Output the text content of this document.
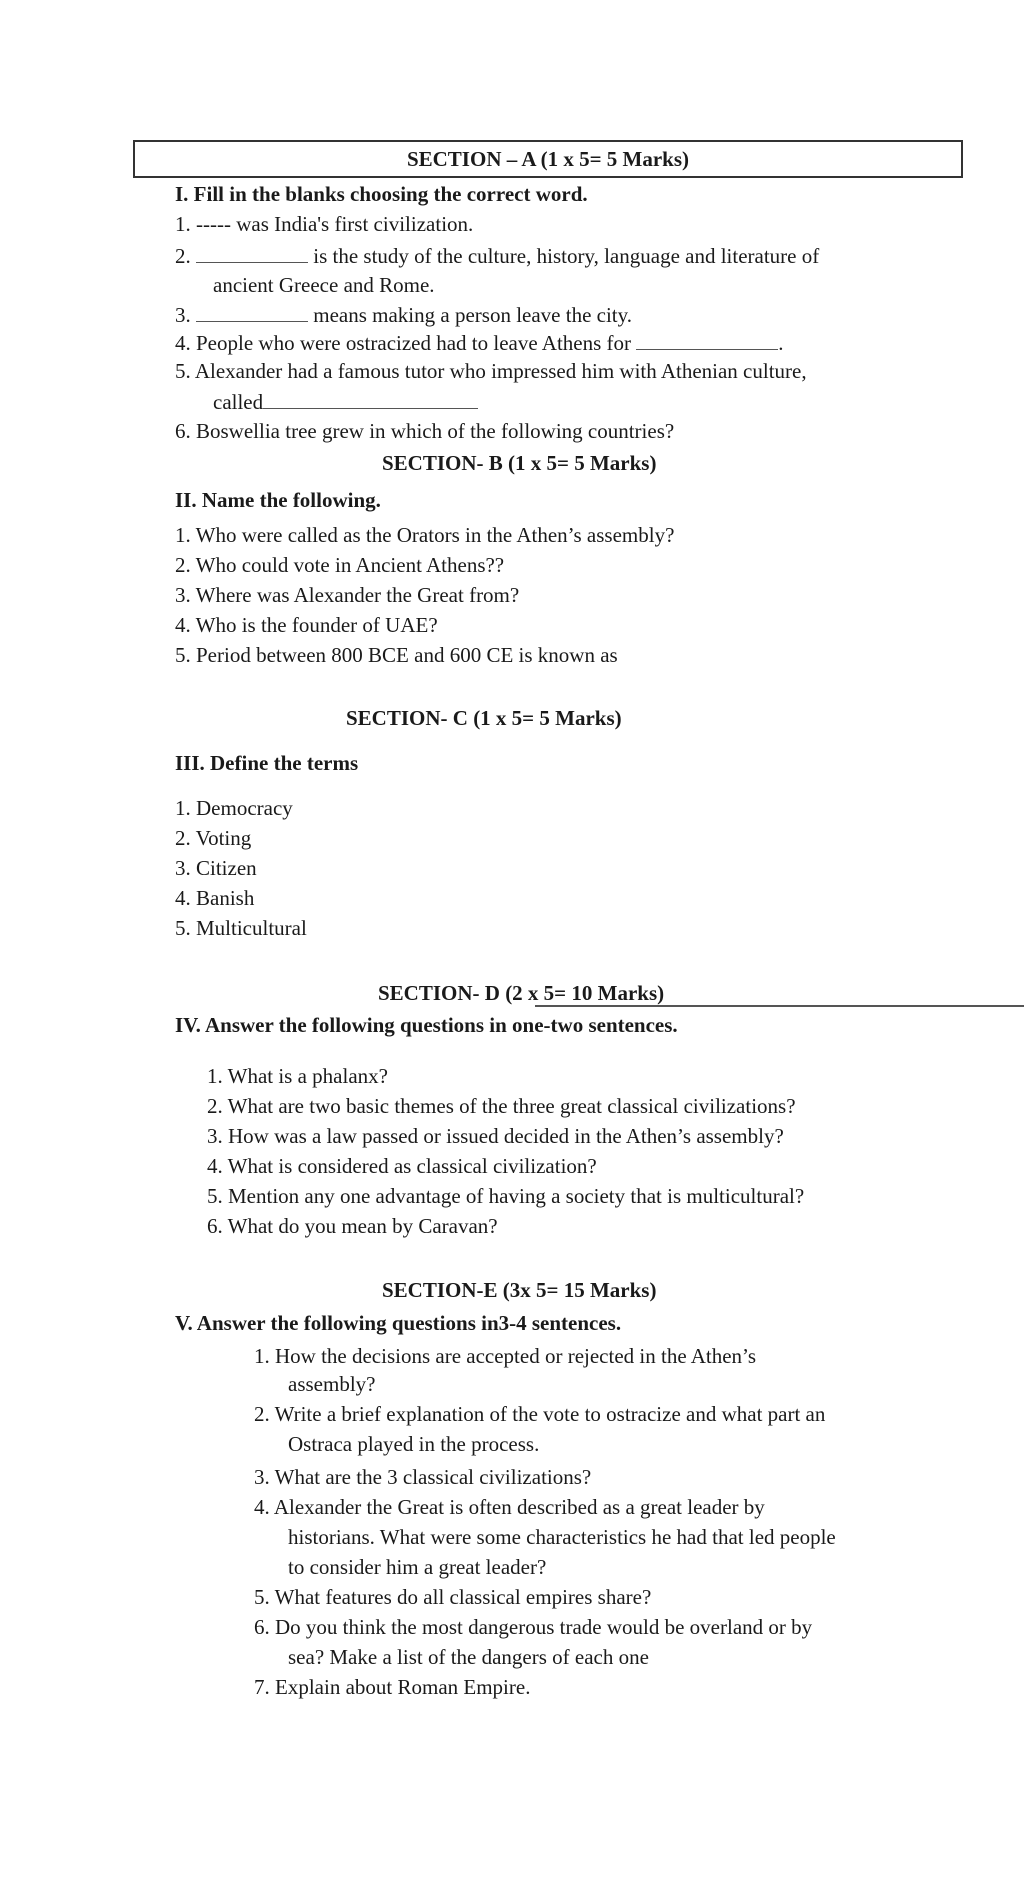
SECTION – A (1 x 5= 5 Marks)
I. Fill in the blanks choosing the correct word.
1. ----- was India's first civilization.
2.	is the study of the culture, history, language and literature of
ancient Greece and Rome.
3.	means making a person leave the city.
4. People who were ostracized had to leave Athens for	.
5. Alexander had a famous tutor who impressed him with Athenian culture,
called
6. Boswellia tree grew in which of the following countries?
SECTION- B (1 x 5= 5 Marks)
II. Name the following.
1. Who were called as the Orators in the Athen’s assembly?
2. Who could vote in Ancient Athens??
3. Where was Alexander the Great from?
4. Who is the founder of UAE?
5. Period between 800 BCE and 600 CE is known as
SECTION- C (1 x 5= 5 Marks)
III. Define the terms
1. Democracy
2. Voting
3. Citizen
4. Banish
5. Multicultural
SECTION- D (2 x 5= 10 Marks)
IV. Answer the following questions in one-two sentences.
1. What is a phalanx?
2. What are two basic themes of the three great classical civilizations?
3. How was a law passed or issued decided in the Athen’s assembly?
4. What is considered as classical civilization?
5. Mention any one advantage of having a society that is multicultural?
6. What do you mean by Caravan?
SECTION-E (3x 5= 15 Marks)
V. Answer the following questions in3-4 sentences.
1. How the decisions are accepted or rejected in the Athen’s
assembly?
2. Write a brief explanation of the vote to ostracize and what part an
Ostraca played in the process.
3. What are the 3 classical civilizations?
4. Alexander the Great is often described as a great leader by
historians. What were some characteristics he had that led people
to consider him a great leader?
5. What features do all classical empires share?
6. Do you think the most dangerous trade would be overland or by
sea? Make a list of the dangers of each one
7. Explain about Roman Empire.
